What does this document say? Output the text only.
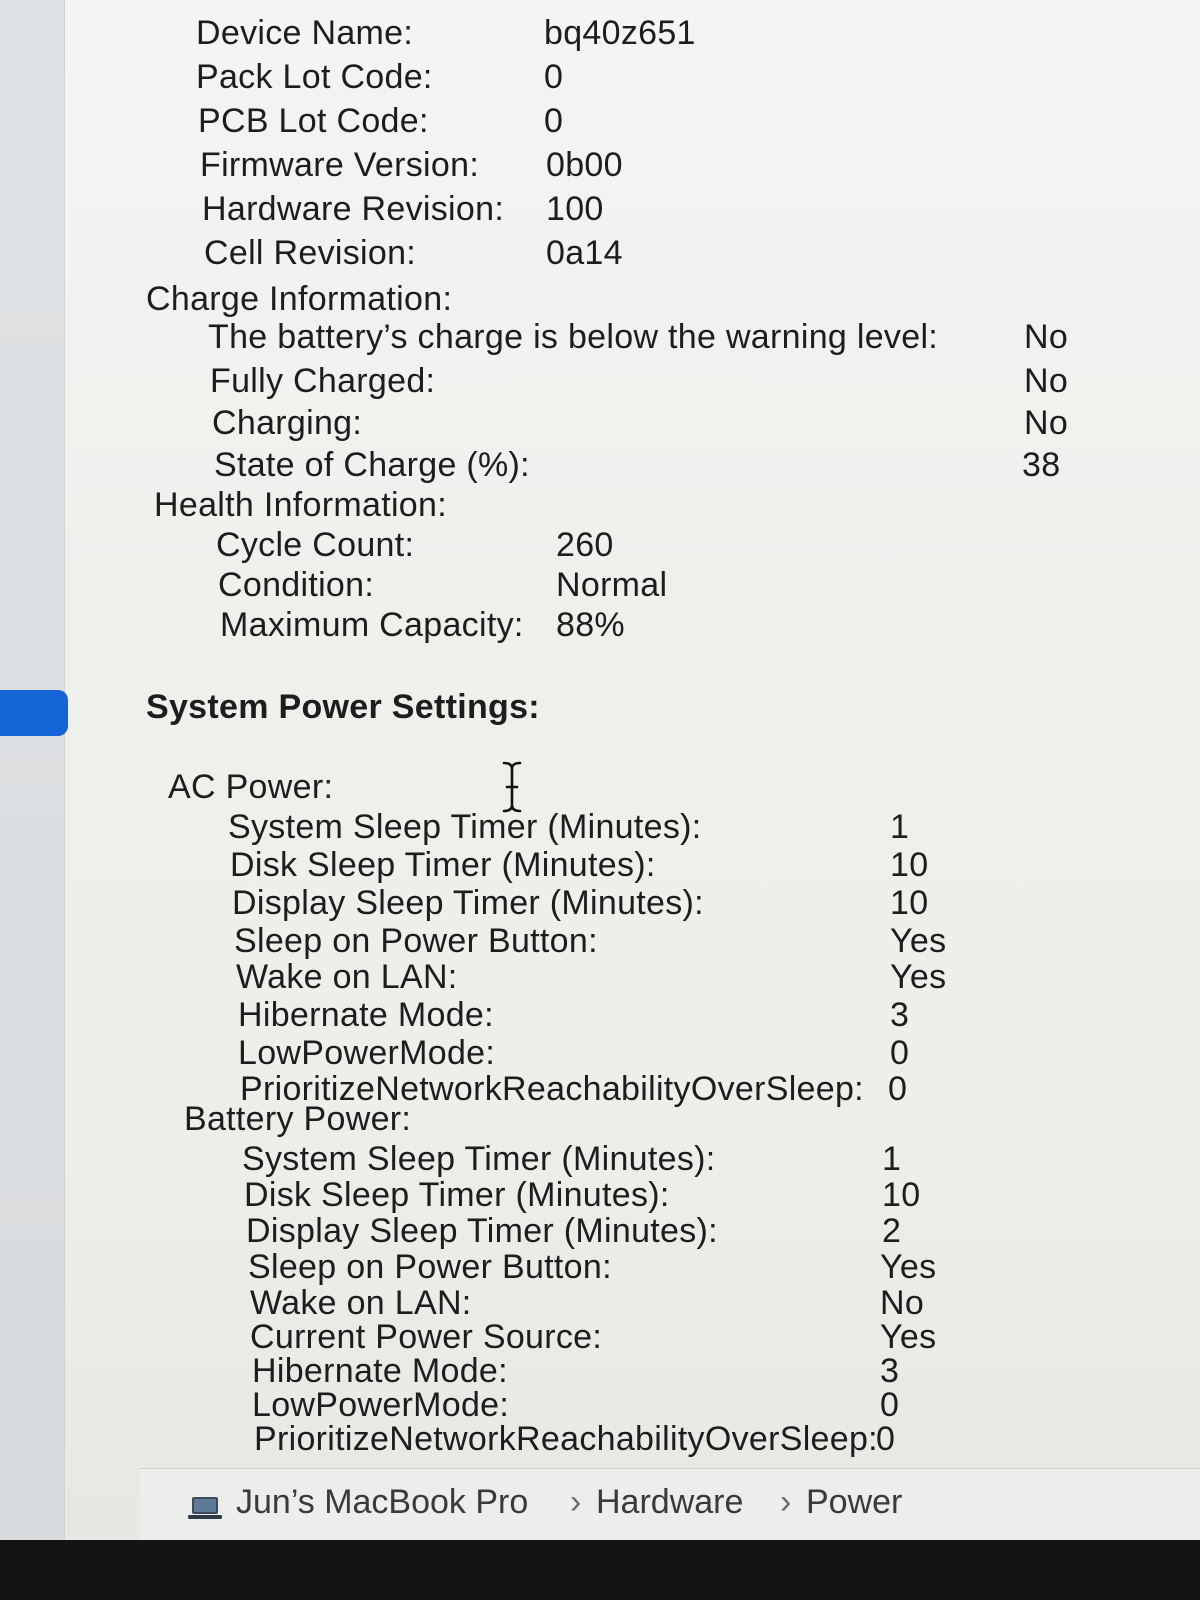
Device Name:	bq40z651
Pack Lot Code:	0
PCB Lot Code:	0
Firmware Version: 0b00
Hardware Revision: 100
Cell Revision:	0a14
Charge Information:
The battery’s charge is below the warning level:	No
Fully Charged:	No
Charging:	No
State of Charge (%):	38
Health Information:
Cycle Count:	260
Condition:	Normal
Maximum Capacity: 88%
System Power Settings:
AC Power:
System Sleep Timer (Minutes):	1
Disk Sleep Timer (Minutes):	10
Display Sleep Timer (Minutes):	10
Sleep on Power Button:	Yes
Wake on LAN:	Yes
Hibernate Mode:	3
LowPowerMode:	0
PrioritizeNetworkReachabilityOverSleep: 0
Battery Power:
System Sleep Timer (Minutes):	1
Disk Sleep Timer (Minutes):	10
Display Sleep Timer (Minutes):	2
Sleep on Power Button:	Yes
Wake on LAN:	No
Current Power Source:	Yes
Hibernate Mode:	3
LowPowerMode:	0
PrioritizeNetworkReachabilityOverSleep:
0
Jun’s MacBook Pro › Hardware › Power
